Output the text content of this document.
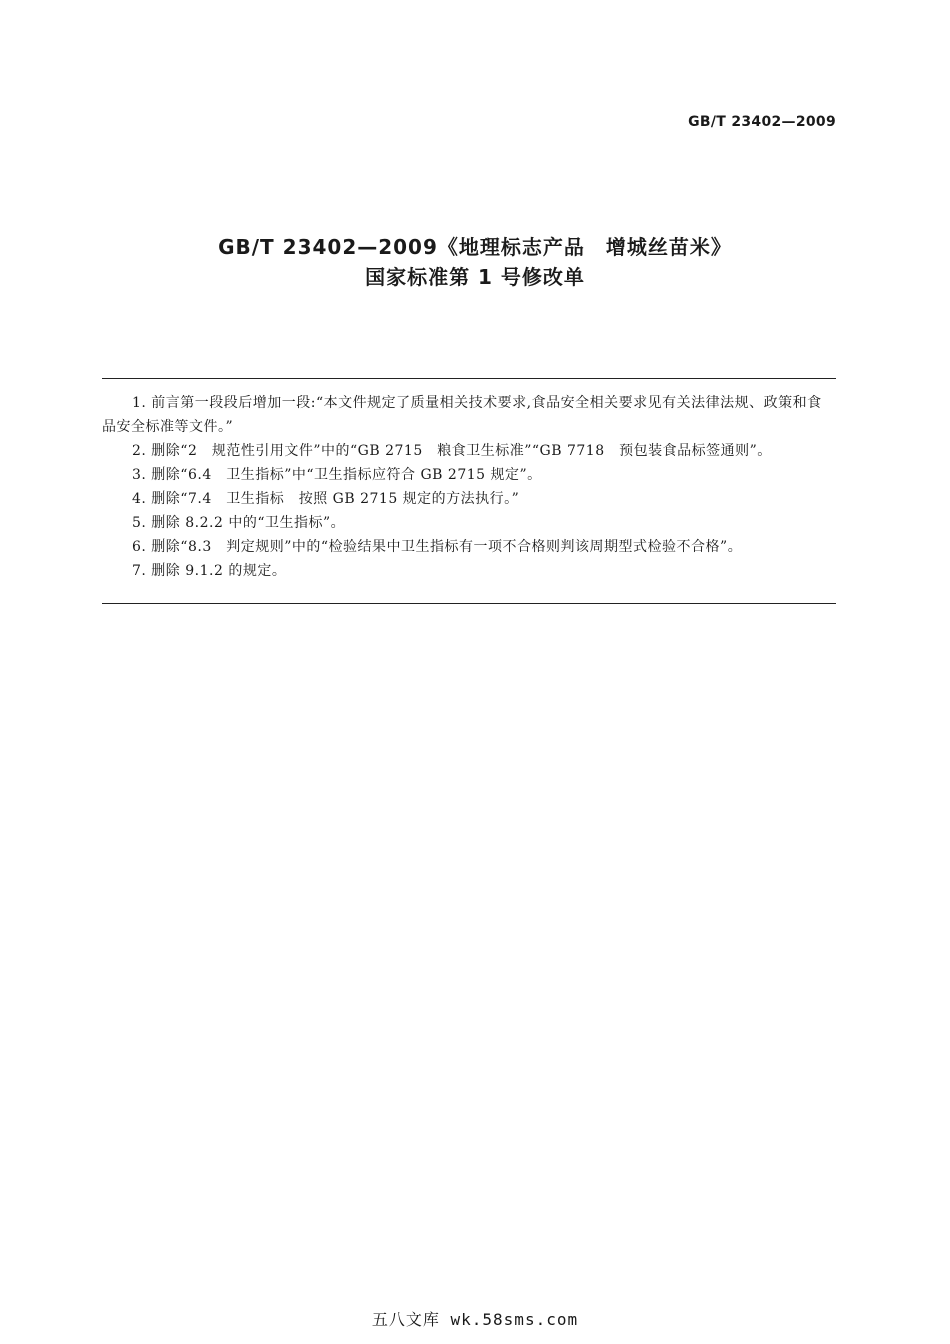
GB/T 23402—2009
GB/T 23402—2009《地理标志产品　增城丝苗米》
国家标准第 1 号修改单

1. 前言第一段段后增加一段:“本文件规定了质量相关技术要求,食品安全相关要求见有关法律法规、政策和食品安全标准等文件。”

2. 删除“2　规范性引用文件”中的“GB 2715　粮食卫生标准”“GB 7718　预包装食品标签通则”。

3. 删除“6.4　卫生指标”中“卫生指标应符合 GB 2715 规定”。

4. 删除“7.4　卫生指标　按照 GB 2715 规定的方法执行。”

5. 删除 8.2.2 中的“卫生指标”。

6. 删除“8.3　判定规则”中的“检验结果中卫生指标有一项不合格则判该周期型式检验不合格”。

7. 删除 9.1.2 的规定。

五八文库 wk.58sms.com
